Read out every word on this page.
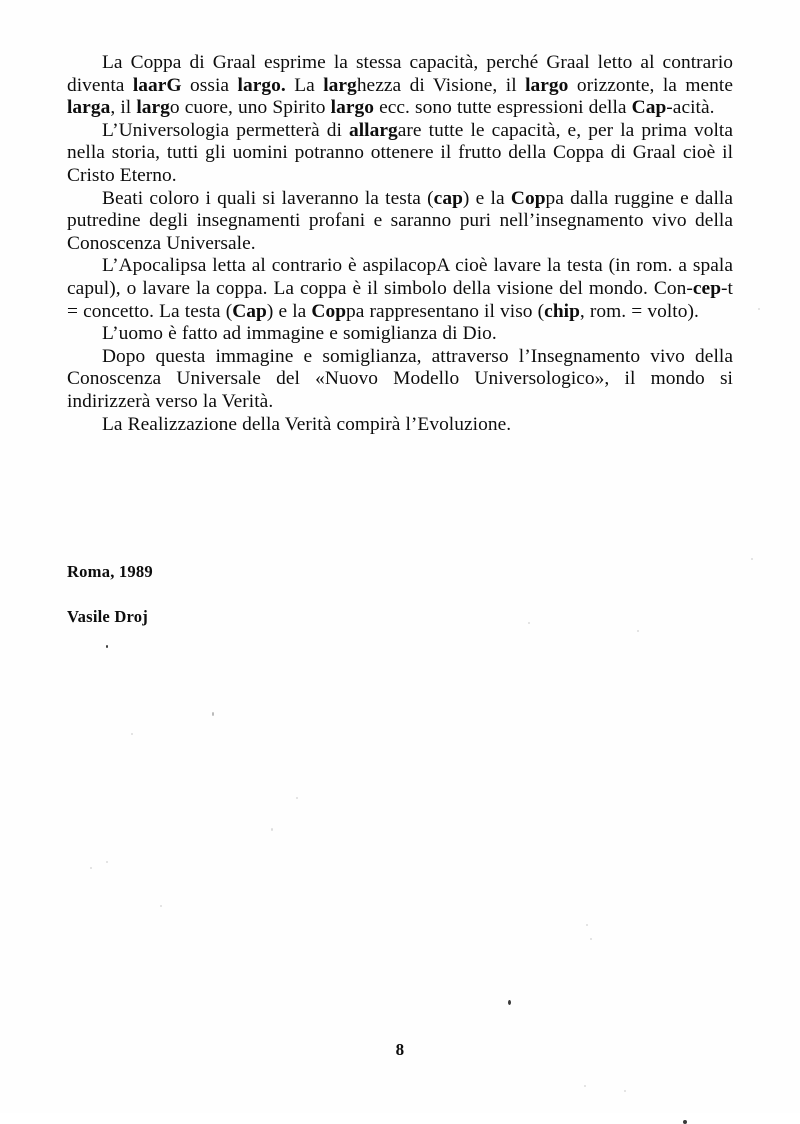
La Coppa di Graal esprime la stessa capacità, perché Graal letto al contrario diventa laarG ossia largo. La larghezza di Visione, il largo orizzonte, la mente larga, il largo cuore, uno Spirito largo ecc. sono tutte espressioni della Cap-acità.

L’Universologia permetterà di allargare tutte le capacità, e, per la prima volta nella storia, tutti gli uomini potranno ottenere il frutto della Coppa di Graal cioè il Cristo Eterno.

Beati coloro i quali si laveranno la testa (cap) e la Coppa dalla ruggine e dalla putredine degli insegnamenti profani e saranno puri nell’insegnamento vivo della Conoscenza Universale.

L’Apocalipsa letta al contrario è aspilacopA cioè lavare la testa (in rom. a spala capul), o lavare la coppa. La coppa è il simbolo della visione del mondo. Con-cep-t = concetto. La testa (Cap) e la Coppa rappresentano il viso (chip, rom. = volto).

L’uomo è fatto ad immagine e somiglianza di Dio.

Dopo questa immagine e somiglianza, attraverso l’Insegnamento vivo della Conoscenza Universale del «Nuovo Modello Universologico», il mondo si indirizzerà verso la Verità.

La Realizzazione della Verità compirà l’Evoluzione.

Roma, 1989
Vasile Droj
8
